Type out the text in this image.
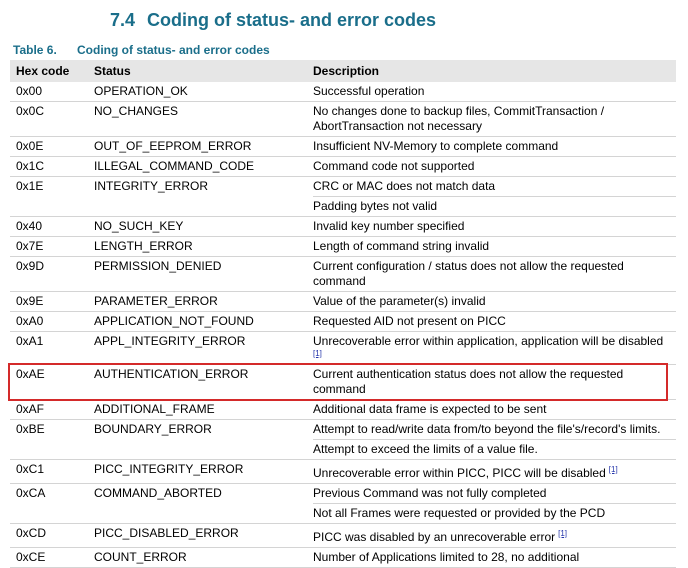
7.4 Coding of status- and error codes
Table 6. Coding of status- and error codes
Hex code	Status	Description
0x00	OPERATION_OK	Successful operation
0x0C	NO_CHANGES	No changes done to backup files, CommitTransaction /
AbortTransaction not necessary
0x0E	OUT_OF_EEPROM_ERROR	Insufficient NV-Memory to complete command
0x1C	ILLEGAL_COMMAND_CODE	Command code not supported
0x1E	INTEGRITY_ERROR	CRC or MAC does not match data
Padding bytes not valid
0x40	NO_SUCH_KEY	Invalid key number specified
0x7E	LENGTH_ERROR	Length of command string invalid
0x9D	PERMISSION_DENIED	Current configuration / status does not allow the requested
command
0x9E	PARAMETER_ERROR	Value of the parameter(s) invalid
0xA0	APPLICATION_NOT_FOUND	Requested AID not present on PICC
0xA1	APPL_INTEGRITY_ERROR	Unrecoverable error within application, application will be disabled
[1]
0xAE	AUTHENTICATION_ERROR	Current authentication status does not allow the requested
command
0xAF	ADDITIONAL_FRAME	Additional data frame is expected to be sent
0xBE	BOUNDARY_ERROR	Attempt to read/write data from/to beyond the file's/record's limits.
Attempt to exceed the limits of a value file.
0xC1	PICC_INTEGRITY_ERROR	Unrecoverable error within PICC, PICC will be disabled [1]
0xCA	COMMAND_ABORTED	Previous Command was not fully completed
Not all Frames were requested or provided by the PCD
0xCD	PICC_DISABLED_ERROR	PICC was disabled by an unrecoverable error [1]
0xCE	COUNT_ERROR	Number of Applications limited to 28, no additional
